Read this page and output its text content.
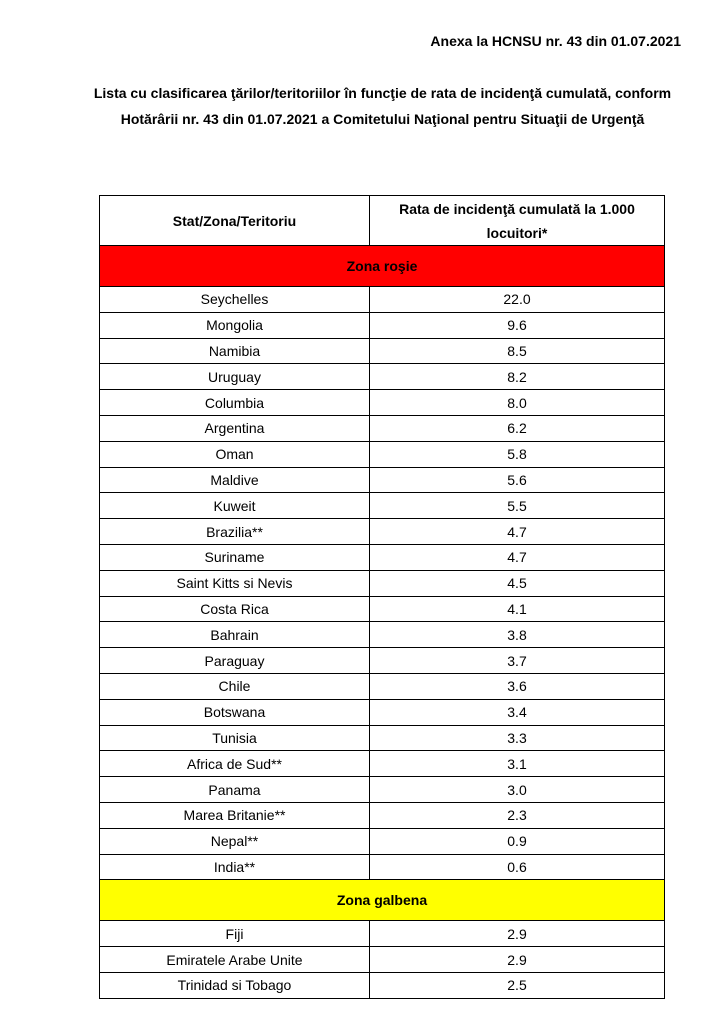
Anexa la HCNSU nr. 43 din 01.07.2021
Lista cu clasificarea ţărilor/teritoriilor în funcţie de rata de incidenţă cumulată, conform Hotărârii nr. 43 din 01.07.2021 a Comitetului Naţional pentru Situaţii de Urgenţă
Stat/Zona/Teritoriu	Rata de incidenţă cumulată la 1.000 locuitori*
Zona roşie	
Seychelles	22.0
Mongolia	9.6
Namibia	8.5
Uruguay	8.2
Columbia	8.0
Argentina	6.2
Oman	5.8
Maldive	5.6
Kuweit	5.5
Brazilia**	4.7
Suriname	4.7
Saint Kitts si Nevis	4.5
Costa Rica	4.1
Bahrain	3.8
Paraguay	3.7
Chile	3.6
Botswana	3.4
Tunisia	3.3
Africa de Sud**	3.1
Panama	3.0
Marea Britanie**	2.3
Nepal**	0.9
India**	0.6
Zona galbena	
Fiji	2.9
Emiratele Arabe Unite	2.9
Trinidad si Tobago	2.5
